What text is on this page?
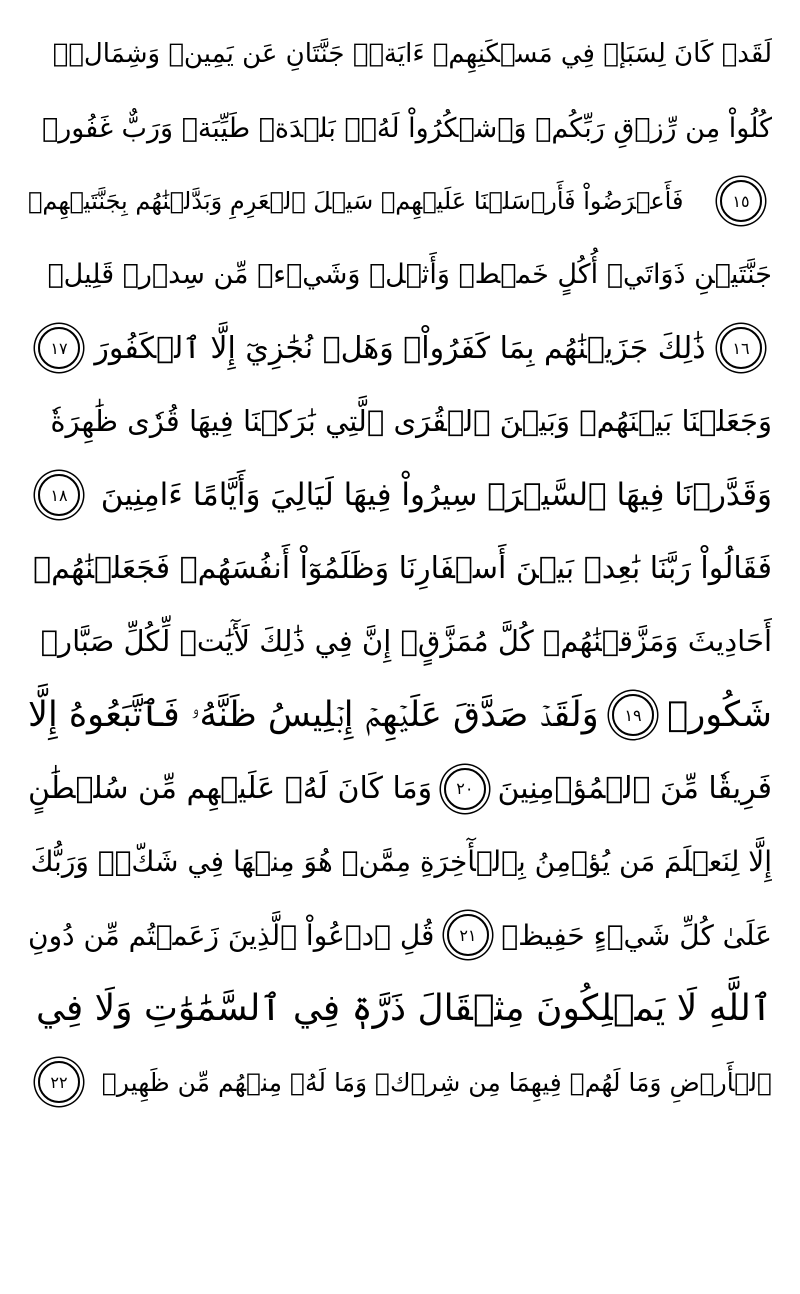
لَقَدۡ كَانَ لِسَبَإٖ فِي مَسۡكَنِهِمۡ ءَايَةٞۖ جَنَّتَانِ عَن يَمِينٖ وَشِمَالٖۖ
كُلُواْ مِن رِّزۡقِ رَبِّكُمۡ وَٱشۡكُرُواْ لَهُۥۚ بَلۡدَةٞ طَيِّبَةٞ وَرَبٌّ غَفُورٞ
١٥
فَأَعۡرَضُواْ فَأَرۡسَلۡنَا عَلَيۡهِمۡ سَيۡلَ ٱلۡعَرِمِ وَبَدَّلۡنَٰهُم بِجَنَّتَيۡهِمۡ
جَنَّتَيۡنِ ذَوَاتَيۡ أُكُلٍ خَمۡطٖ وَأَثۡلٖ وَشَيۡءٖ مِّن سِدۡرٖ قَلِيلٖ
١٦
ذَٰلِكَ جَزَيۡنَٰهُم بِمَا كَفَرُواْۖ وَهَلۡ نُجَٰزِيٓ إِلَّا ٱلۡكَفُورَ
١٧
وَجَعَلۡنَا بَيۡنَهُمۡ وَبَيۡنَ ٱلۡقُرَى ٱلَّتِي بَٰرَكۡنَا فِيهَا قُرٗى ظَٰهِرَةٗ
وَقَدَّرۡنَا فِيهَا ٱلسَّيۡرَۖ سِيرُواْ فِيهَا لَيَالِيَ وَأَيَّامًا ءَامِنِينَ
١٨
فَقَالُواْ رَبَّنَا بَٰعِدۡ بَيۡنَ أَسۡفَارِنَا وَظَلَمُوٓاْ أَنفُسَهُمۡ فَجَعَلۡنَٰهُمۡ
أَحَادِيثَ وَمَزَّقۡنَٰهُمۡ كُلَّ مُمَزَّقٍۚ إِنَّ فِي ذَٰلِكَ لَأٓيَٰتٖ لِّكُلِّ صَبَّارٖ
شَكُورٖ
١٩
وَلَقَدۡ صَدَّقَ عَلَيۡهِمۡ إِبۡلِيسُ ظَنَّهُۥ فَٱتَّبَعُوهُ إِلَّا
فَرِيقٗا مِّنَ ٱلۡمُؤۡمِنِينَ
٢٠
وَمَا كَانَ لَهُۥ عَلَيۡهِم مِّن سُلۡطَٰنٍ
إِلَّا لِنَعۡلَمَ مَن يُؤۡمِنُ بِٱلۡأٓخِرَةِ مِمَّنۡ هُوَ مِنۡهَا فِي شَكّٖۗ وَرَبُّكَ
عَلَىٰ كُلِّ شَيۡءٍ حَفِيظٞ
٢١
قُلِ ٱدۡعُواْ ٱلَّذِينَ زَعَمۡتُم مِّن دُونِ
ٱللَّهِ لَا يَمۡلِكُونَ مِثۡقَالَ ذَرَّةٖ فِي ٱلسَّمَٰوَٰتِ وَلَا فِي
ٱلۡأَرۡضِ وَمَا لَهُمۡ فِيهِمَا مِن شِرۡكٖ وَمَا لَهُۥ مِنۡهُم مِّن ظَهِيرٖ
٢٢
